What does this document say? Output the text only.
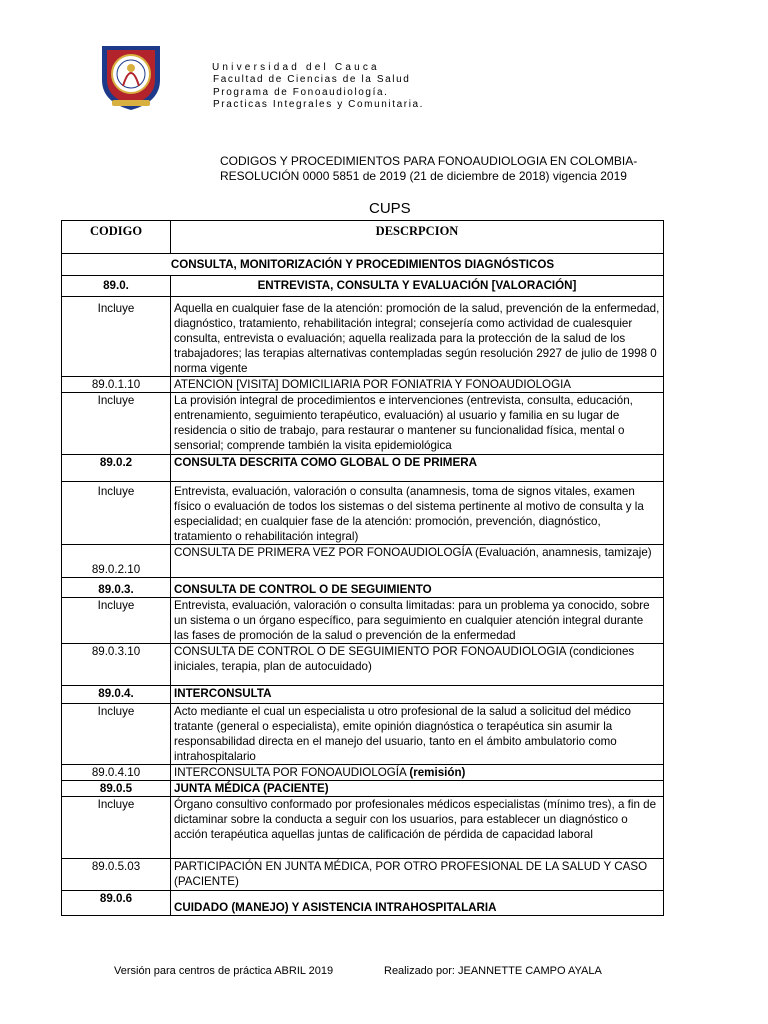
Universidad del Cauca
Facultad de Ciencias de la Salud
Programa de Fonoaudiología.
Practicas Integrales y Comunitaria.
CODIGOS Y PROCEDIMIENTOS PARA FONOAUDIOLOGIA EN COLOMBIA-
RESOLUCIÓN 0000 5851 de 2019 (21 de diciembre de 2018) vigencia 2019
CUPS
CODIGO	DESCRPCION
CONSULTA, MONITORIZACIÓN Y PROCEDIMIENTOS DIAGNÓSTICOS	
89.0.	ENTREVISTA, CONSULTA Y EVALUACIÓN [VALORACIÓN]
Incluye	Aquella en cualquier fase de la atención: promoción de la salud, prevención de la enfermedad, diagnóstico, tratamiento, rehabilitación integral; consejería como actividad de cualesquier consulta, entrevista o evaluación; aquella realizada para la protección de la salud de los trabajadores; las terapias alternativas contempladas según resolución 2927 de julio de 1998 0 norma vigente
89.0.1.10	ATENCION [VISITA] DOMICILIARIA POR FONIATRIA Y FONOAUDIOLOGIA
Incluye	La provisión integral de procedimientos e intervenciones (entrevista, consulta, educación, entrenamiento, seguimiento terapéutico, evaluación) al usuario y familia en su lugar de residencia o sitio de trabajo, para restaurar o mantener su funcionalidad física, mental o sensorial; comprende también la visita epidemiológica
89.0.2	CONSULTA DESCRITA COMO GLOBAL O DE PRIMERA
Incluye	Entrevista, evaluación, valoración o consulta (anamnesis, toma de signos vitales, examen físico o evaluación de todos los sistemas o del sistema pertinente al motivo de consulta y la especialidad; en cualquier fase de la atención: promoción, prevención, diagnóstico, tratamiento o rehabilitación integral)
89.0.2.10	CONSULTA DE PRIMERA VEZ POR FONOAUDIOLOGÍA (Evaluación, anamnesis, tamizaje)
89.0.3.	CONSULTA DE CONTROL O DE SEGUIMIENTO
Incluye	Entrevista, evaluación, valoración o consulta limitadas: para un problema ya conocido, sobre un sistema o un órgano específico, para seguimiento en cualquier atención integral durante las fases de promoción de la salud o prevención de la enfermedad
89.0.3.10	CONSULTA DE CONTROL O DE SEGUIMIENTO POR FONOAUDIOLOGIA (condiciones iniciales, terapia, plan de autocuidado)
89.0.4.	INTERCONSULTA
Incluye	Acto mediante el cual un especialista u otro profesional de la salud a solicitud del médico tratante (general o especialista), emite opinión diagnóstica o terapéutica sin asumir la responsabilidad directa en el manejo del usuario, tanto en el ámbito ambulatorio como intrahospitalario
89.0.4.10	INTERCONSULTA POR FONOAUDIOLOGÍA (remisión)
89.0.5	JUNTA MÉDICA (PACIENTE)
Incluye	Órgano consultivo conformado por profesionales médicos especialistas (mínimo tres), a fin de dictaminar sobre la conducta a seguir con los usuarios, para establecer un diagnóstico o acción terapéutica aquellas juntas de calificación de pérdida de capacidad laboral
89.0.5.03	PARTICIPACIÓN EN JUNTA MÉDICA, POR OTRO PROFESIONAL DE LA SALUD Y CASO (PACIENTE)
89.0.6	CUIDADO (MANEJO) Y ASISTENCIA INTRAHOSPITALARIA
Versión para centros de práctica ABRIL 2019	Realizado por: JEANNETTE CAMPO AYALA
